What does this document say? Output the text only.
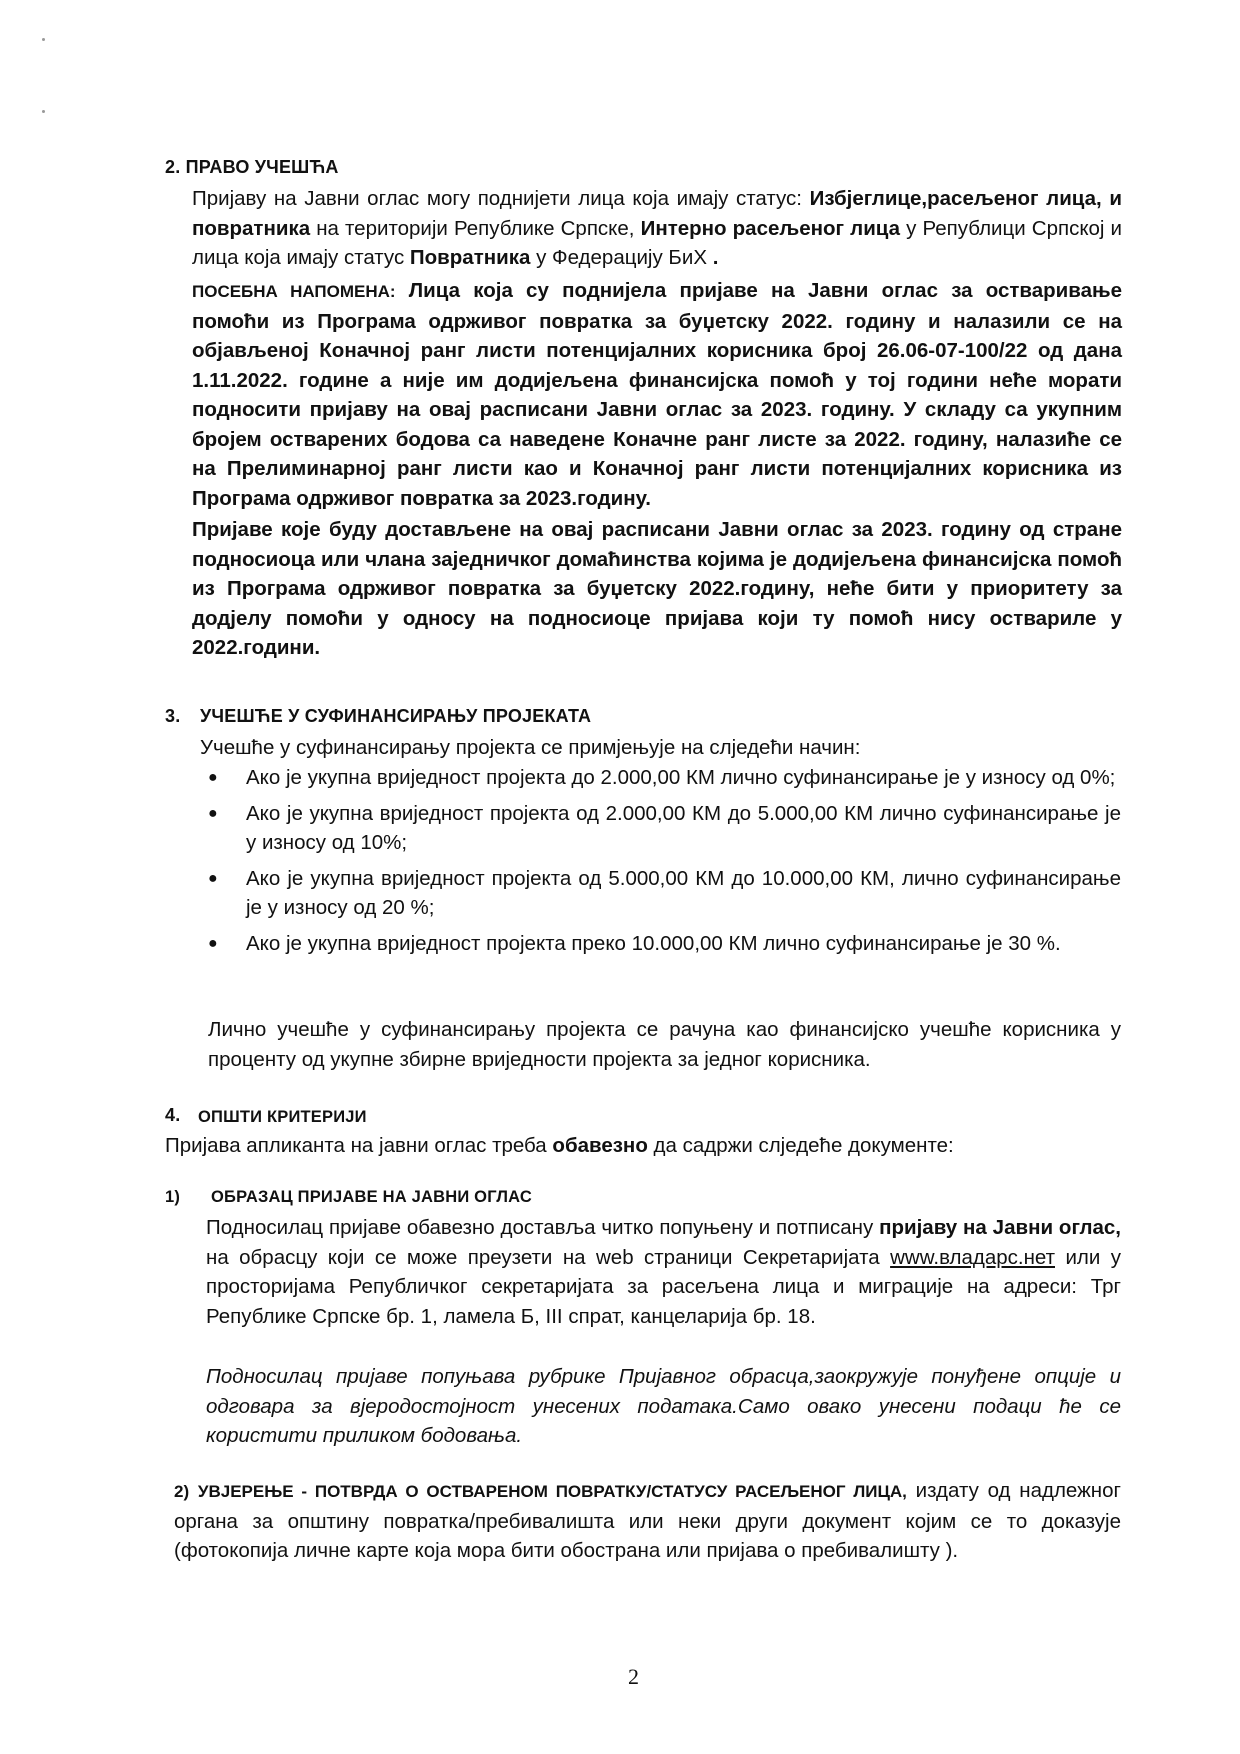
2. ПРАВО УЧЕШЋА
Пријаву на Јавни оглас могу поднијети лица која имају статус: Избјеглице,расељеног лица, и повратника на територији Републике Српске, Интерно расељеног лица у Републици Српској и лица која имају статус Повратника у Федерацију БиХ .
ПОСЕБНА НАПОМЕНА: Лица која су поднијела пријаве на Јавни оглас за остваривање помоћи из Програма одрживог повратка за буџетску 2022. годину и налазили се на објављеној Коначној ранг листи потенцијалних корисника број 26.06-07-100/22 од дана 1.11.2022. године а није им додијељена финансијска помоћ у тој години неће морати подносити пријаву на овај расписани Јавни оглас за 2023. годину. У складу са укупним бројем остварених бодова са наведене Коначне ранг листе за 2022. годину, налазиће се на Прелиминарној ранг листи као и Коначној ранг листи потенцијалних корисника из Програма одрживог повратка за 2023.годину.
Пријаве које буду достављене на овај расписани Јавни оглас за 2023. годину од стране подносиоца или члана заједничког домаћинства којима је додијељена финансијска помоћ из Програма одрживог повратка за буџетску 2022.годину, неће бити у приоритету за додјелу помоћи у односу на подносиоце пријава који ту помоћ нису оствариле у 2022.години.
3. УЧЕШЋЕ У СУФИНАНСИРАЊУ ПРОЈЕКАТА
Учешће у суфинансирању пројекта се примјењује на слједећи начин:
● Ако је укупна вриједност пројекта до 2.000,00 КМ лично суфинансирање је у износу од 0%;
● Ако је укупна вриједност пројекта од 2.000,00 КМ до 5.000,00 КМ лично суфинансирање је у износу од 10%;
● Ако је укупна вриједност пројекта од 5.000,00 КМ до 10.000,00 КМ, лично суфинансирање је у износу од 20 %;
● Ако је укупна вриједност пројекта преко 10.000,00 КМ лично суфинансирање је 30 %.
Лично учешће у суфинансирању пројекта се рачуна као финансијско учешће корисника у проценту од укупне збирне вриједности пројекта за једног корисника.
4. ОПШТИ КРИТЕРИЈИ
Пријава апликанта на јавни оглас треба обавезно да садржи слједеће документе:
1) ОБРАЗАЦ ПРИЈАВЕ НА ЈАВНИ ОГЛАС
Подносилац пријаве обавезно доставља читко попуњену и потписану пријаву на Јавни оглас, на обрасцу који се може преузети на web страници Секретаријата www.владарс.нет или у просторијама Републичког секретаријата за расељена лица и миграције на адреси: Трг Републике Српске бр. 1, ламела Б, III спрат, канцеларија бр. 18.
Подносилац пријаве попуњава рубрике Пријавног обрасца,заокружује понуђене опције и одговара за вјеродостојност унесених података.Само овако унесени подаци ће се користити приликом бодовања.
2) УВЈЕРЕЊЕ - ПОТВРДА О ОСТВАРЕНОМ ПОВРАТКУ/СТАТУСУ РАСЕЉЕНОГ ЛИЦА, издату од надлежног органа за општину повратка/пребивалишта или неки други документ којим се то доказује (фотокопија личне карте која мора бити обострана или пријава о пребивалишту ).
2
